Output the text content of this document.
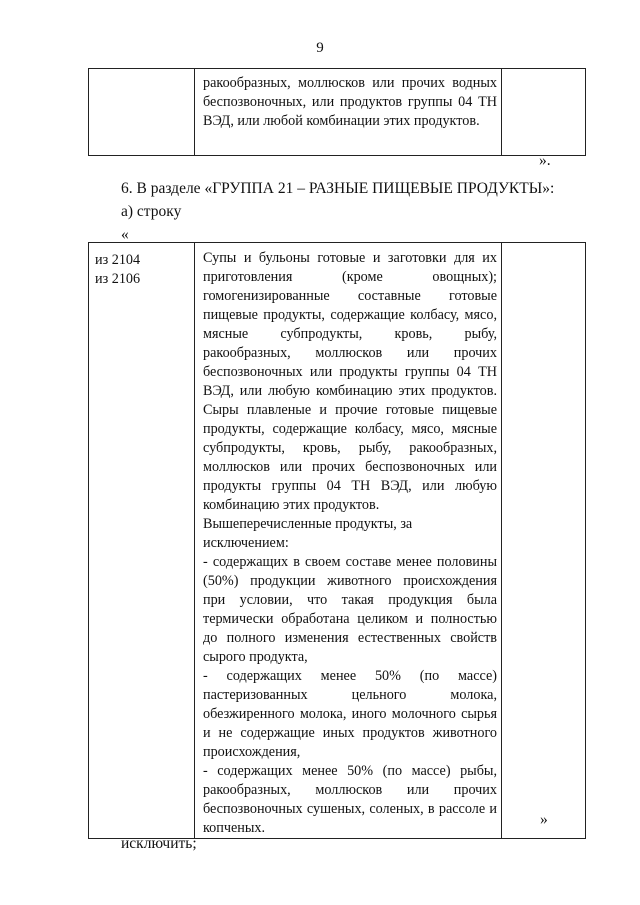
9

ракообразных, моллюсков или прочих водных беспозвоночных, или продуктов группы 04 ТН ВЭД, или любой комбинации этих продуктов.

».
6. В разделе «ГРУППА 21 – РАЗНЫЕ ПИЩЕВЫЕ ПРОДУКТЫ»:
а) строку
«
из 2104
из 2106

Супы и бульоны готовые и заготовки для их приготовления (кроме овощных); гомогенизированные составные готовые пищевые продукты, содержащие колбасу, мясо, мясные субпродукты, кровь, рыбу, ракообразных, моллюсков или прочих беспозвоночных или продукты группы 04 ТН ВЭД, или любую комбинацию этих продуктов. Сыры плавленые и прочие готовые пищевые продукты, содержащие колбасу, мясо, мясные субпродукты, кровь, рыбу, ракообразных, моллюсков или прочих беспозвоночных или продукты группы 04 ТН ВЭД, или любую комбинацию этих продуктов.

Вышеперечисленные продукты, за исключением:

- содержащих в своем составе менее половины (50%) продукции животного происхождения при условии, что такая продукция была термически обработана целиком и полностью до полного изменения естественных свойств сырого продукта,

- содержащих менее 50% (по массе) пастеризованных цельного молока, обезжиренного молока, иного молочного сырья и не содержащие иных продуктов животного происхождения,

- содержащих менее 50% (по массе) рыбы, ракообразных, моллюсков или прочих беспозвоночных сушеных, соленых, в рассоле и копченых.

		»
исключить;
